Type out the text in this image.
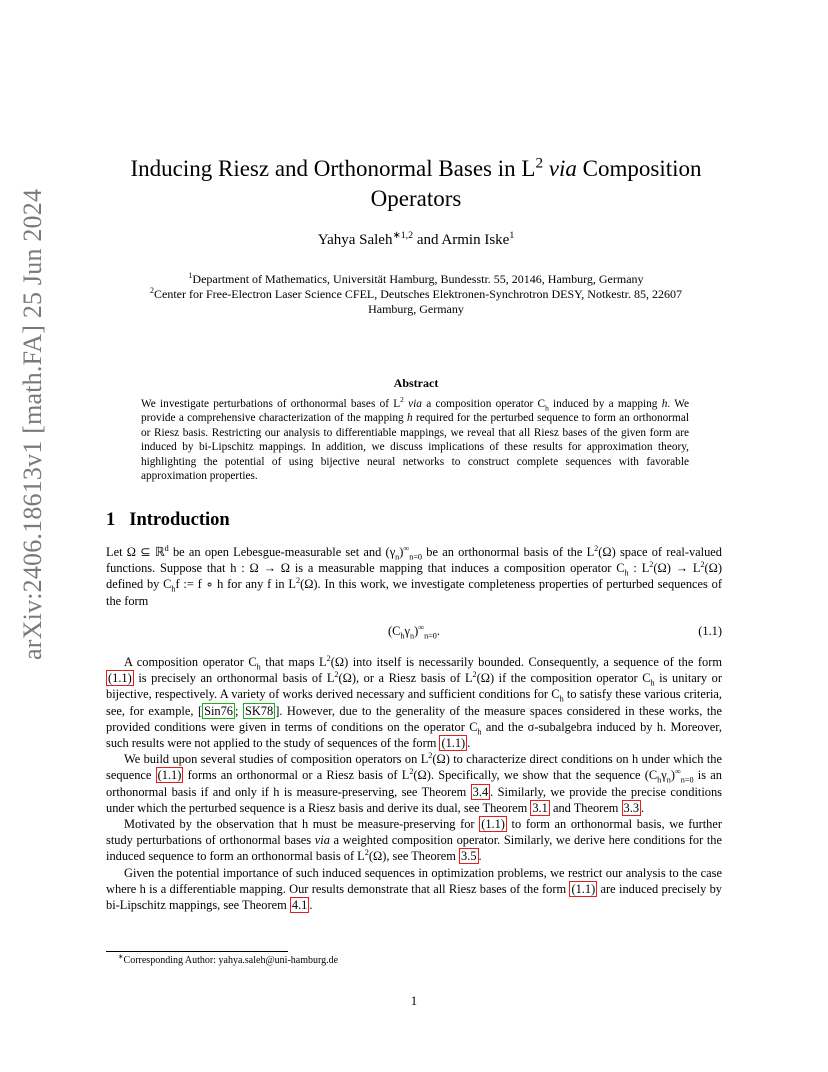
arXiv:2406.18613v1 [math.FA] 25 Jun 2024
Inducing Riesz and Orthonormal Bases in $L^2$ via Composition
Operators
Yahya Saleh$^{∗1,2}$ and Armin Iske$^1$
$^1$Department of Mathematics, Universität Hamburg, Bundesstr. 55, 20146, Hamburg, Germany
$^2$Center for Free-Electron Laser Science CFEL, Deutsches Elektronen-Synchrotron DESY, Notkestr. 85, 22607
Hamburg, Germany
Abstract
We investigate perturbations of orthonormal bases of $L^2$ via a composition operator $C_h$ induced by a mapping h. We provide a comprehensive characterization of the mapping h required for the perturbed sequence to form an orthonormal or Riesz basis. Restricting our analysis to differentiable mappings, we reveal that all Riesz bases of the given form are induced by bi-Lipschitz mappings. In addition, we discuss implications of these results for approximation theory, highlighting the potential of using bijective neural networks to construct complete sequences with favorable approximation properties.
1 Introduction

Let Ω ⊆ ℝ$^d$ be an open Lebesgue-measurable set and $(\gamma_n)^\infty_{n=0}$ be an orthonormal basis of the $L^2(\Omega)$ space of real-valued functions. Suppose that h : Ω → Ω is a measurable mapping that induces a composition operator $C_h$ : $L^2(\Omega) \to L^2(\Omega)$ defined by $C_hf$ := f ∘ h for any f in $L^2(\Omega)$. In this work, we investigate completeness properties of perturbed sequences of the form

$(C_h\gamma_n)^\infty_{n=0}$.	(1.1)

A composition operator $C_h$ that maps $L^2(\Omega)$ into itself is necessarily bounded. Consequently, a sequence of the form (1.1) is precisely an orthonormal basis of $L^2(\Omega)$, or a Riesz basis of $L^2(\Omega)$ if the composition operator $C_h$ is unitary or bijective, respectively. A variety of works derived necessary and sufficient conditions for $C_h$ to satisfy these various criteria, see, for example, [ Sin76 ; SK78 ]. However, due to the generality of the measure spaces considered in these works, the provided conditions were given in terms of conditions on the operator $C_h$ and the σ-subalgebra induced by h. Moreover, such results were not applied to the study of sequences of the form (1.1) .

We build upon several studies of composition operators on $L^2(\Omega)$ to characterize direct conditions on h under which the sequence (1.1) forms an orthonormal or a Riesz basis of $L^2(\Omega)$. Specifically, we show that the sequence $(C_h\gamma_n)^\infty_{n=0}$ is an orthonormal basis if and only if h is measure-preserving, see Theorem 3.4 . Similarly, we provide the precise conditions under which the perturbed sequence is a Riesz basis and derive its dual, see Theorem 3.1 and Theorem 3.3 .

Motivated by the observation that h must be measure-preserving for (1.1) to form an orthonormal basis, we further study perturbations of orthonormal bases via a weighted composition operator. Similarly, we derive here conditions for the induced sequence to form an orthonormal basis of $L^2(\Omega)$, see Theorem 3.5 .

Given the potential importance of such induced sequences in optimization problems, we restrict our analysis to the case where h is a differentiable mapping. Our results demonstrate that all Riesz bases of the form (1.1) are induced precisely by bi-Lipschitz mappings, see Theorem 4.1 .

∗Corresponding Author: yahya.saleh@uni-hamburg.de
1
